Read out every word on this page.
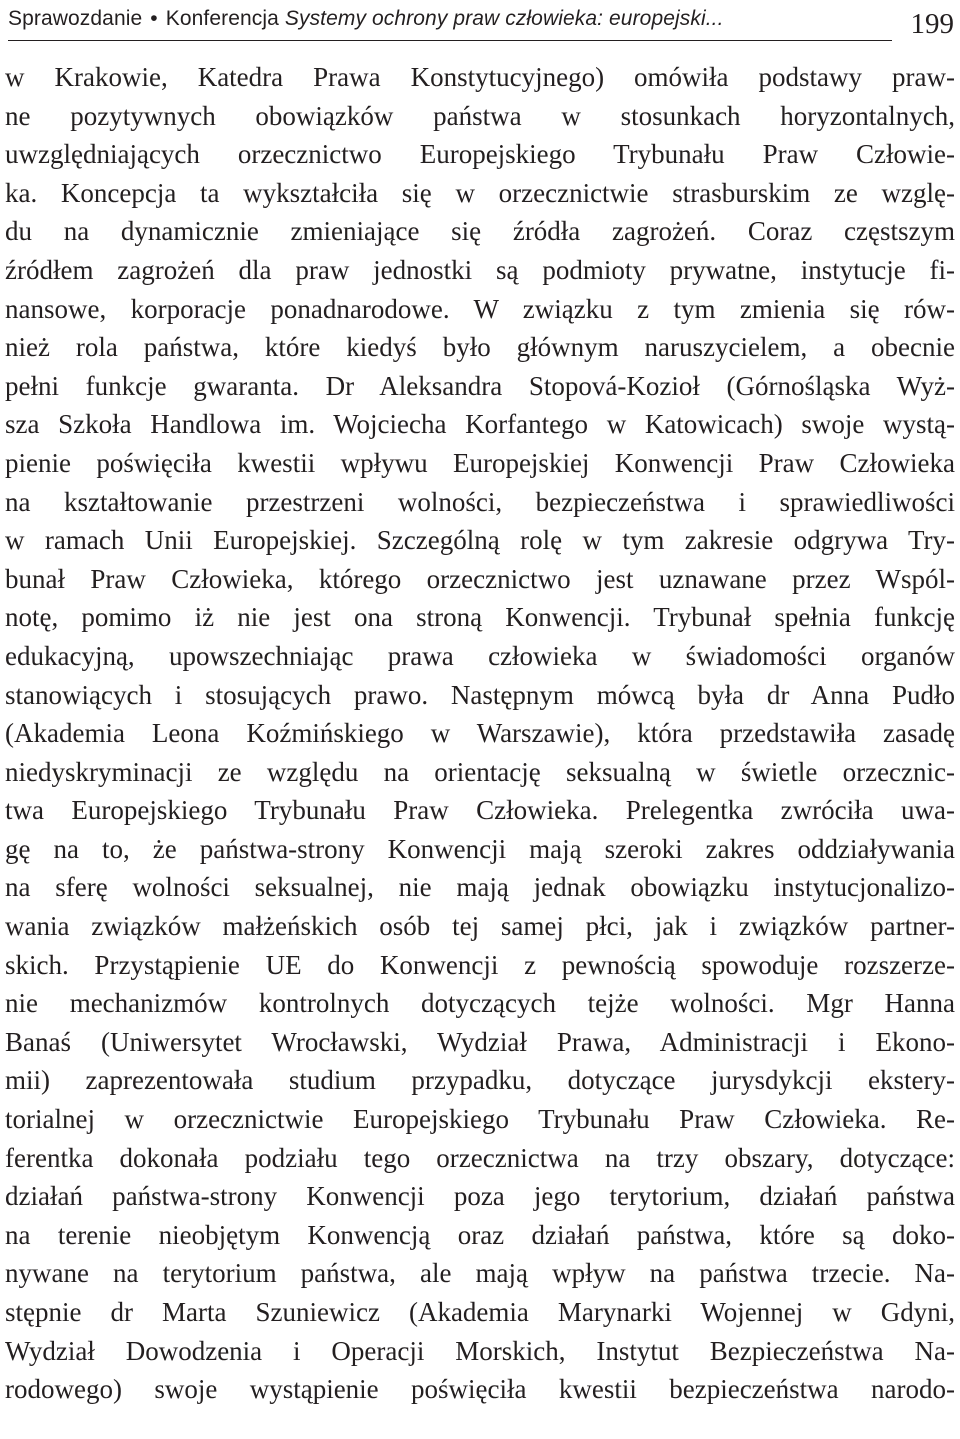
Sprawozdanie • Konferencja Systemy ochrony praw człowieka: europejski...	199
w Krakowie, Katedra Prawa Konstytucyjnego) omówiła podstawy praw-
ne pozytywnych obowiązków państwa w stosunkach horyzontalnych,
uwzględniających orzecznictwo Europejskiego Trybunału Praw Człowie-
ka. Koncepcja ta wykształciła się w orzecznictwie strasburskim ze wzglę-
du na dynamicznie zmieniające się źródła zagrożeń. Coraz częstszym
źródłem zagrożeń dla praw jednostki są podmioty prywatne, instytucje fi-
nansowe, korporacje ponadnarodowe. W związku z tym zmienia się rów-
nież rola państwa, które kiedyś było głównym naruszycielem, a obecnie
pełni funkcje gwaranta. Dr Aleksandra Stopová-Kozioł (Górnośląska Wyż-
sza Szkoła Handlowa im. Wojciecha Korfantego w Katowicach) swoje wystą-
pienie poświęciła kwestii wpływu Europejskiej Konwencji Praw Człowieka
na kształtowanie przestrzeni wolności, bezpieczeństwa i sprawiedliwości
w ramach Unii Europejskiej. Szczególną rolę w tym zakresie odgrywa Try-
bunał Praw Człowieka, którego orzecznictwo jest uznawane przez Wspól-
notę, pomimo iż nie jest ona stroną Konwencji. Trybunał spełnia funkcję
edukacyjną, upowszechniając prawa człowieka w świadomości organów
stanowiących i stosujących prawo. Następnym mówcą była dr Anna Pudło
(Akademia Leona Koźmińskiego w Warszawie), która przedstawiła zasadę
niedyskryminacji ze względu na orientację seksualną w świetle orzecznic-
twa Europejskiego Trybunału Praw Człowieka. Prelegentka zwróciła uwa-
gę na to, że państwa-strony Konwencji mają szeroki zakres oddziaływania
na sferę wolności seksualnej, nie mają jednak obowiązku instytucjonalizo-
wania związków małżeńskich osób tej samej płci, jak i związków partner-
skich. Przystąpienie UE do Konwencji z pewnością spowoduje rozszerze-
nie mechanizmów kontrolnych dotyczących tejże wolności. Mgr Hanna
Banaś (Uniwersytet Wrocławski, Wydział Prawa, Administracji i Ekono-
mii) zaprezentowała studium przypadku, dotyczące jurysdykcji ekstery-
torialnej w orzecznictwie Europejskiego Trybunału Praw Człowieka. Re-
ferentka dokonała podziału tego orzecznictwa na trzy obszary, dotyczące:
działań państwa-strony Konwencji poza jego terytorium, działań państwa
na terenie nieobjętym Konwencją oraz działań państwa, które są doko-
nywane na terytorium państwa, ale mają wpływ na państwa trzecie. Na-
stępnie dr Marta Szuniewicz (Akademia Marynarki Wojennej w Gdyni,
Wydział Dowodzenia i Operacji Morskich, Instytut Bezpieczeństwa Na-
rodowego) swoje wystąpienie poświęciła kwestii bezpieczeństwa narodo-
